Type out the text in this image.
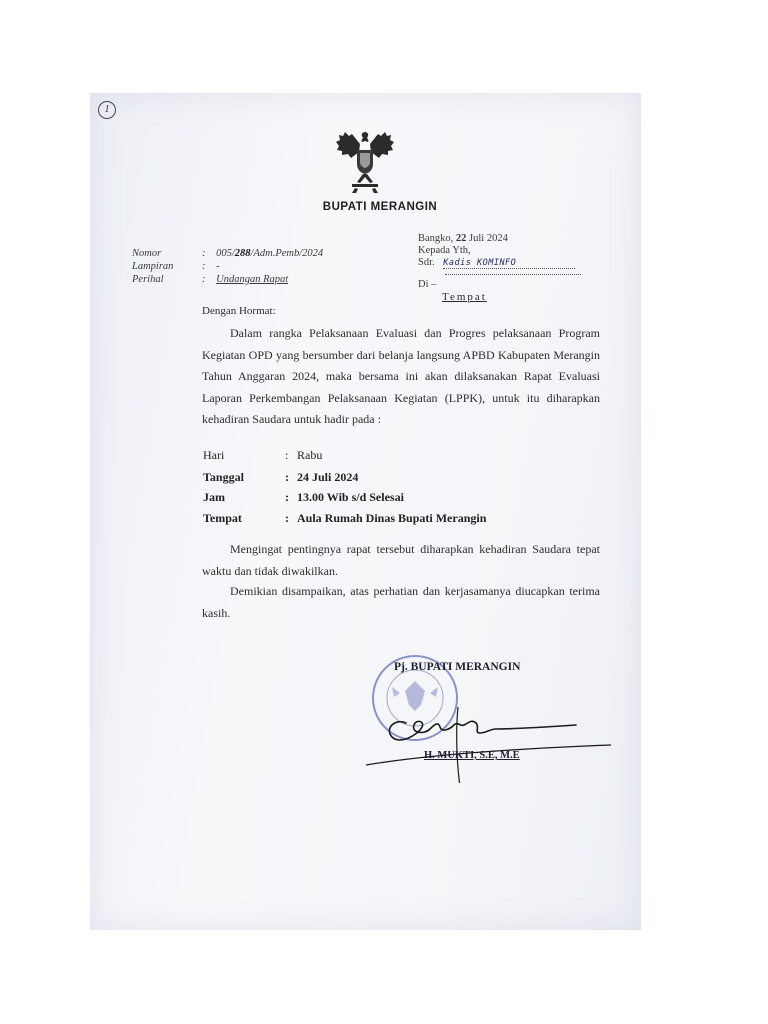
1
BUPATI MERANGIN
Nomor	: 005/288/Adm.Pemb/2024
Lampiran	: -
Perihal	: Undangan Rapat
Bangko, 22 Juli 2024
Kepada Yth,
Sdr. Kadis KOMINFO
Di –
Tempat
Dengan Hormat:
Dalam rangka Pelaksanaan Evaluasi dan Progres pelaksanaan Program Kegiatan OPD yang bersumber dari belanja langsung APBD Kabupaten Merangin Tahun Anggaran 2024, maka bersama ini akan dilaksanakan Rapat Evaluasi Laporan Perkembangan Pelaksanaan Kegiatan (LPPK), untuk itu diharapkan kehadiran Saudara untuk hadir pada :
Hari	: Rabu
Tanggal	: 24 Juli 2024
Jam	: 13.00 Wib s/d Selesai
Tempat	: Aula Rumah Dinas Bupati Merangin
Mengingat pentingnya rapat tersebut diharapkan kehadiran Saudara tepat waktu dan tidak diwakilkan.
Demikian disampaikan, atas perhatian dan kerjasamanya diucapkan terima kasih.
Pj. BUPATI MERANGIN
H. MUKTI, S.E, M.E
